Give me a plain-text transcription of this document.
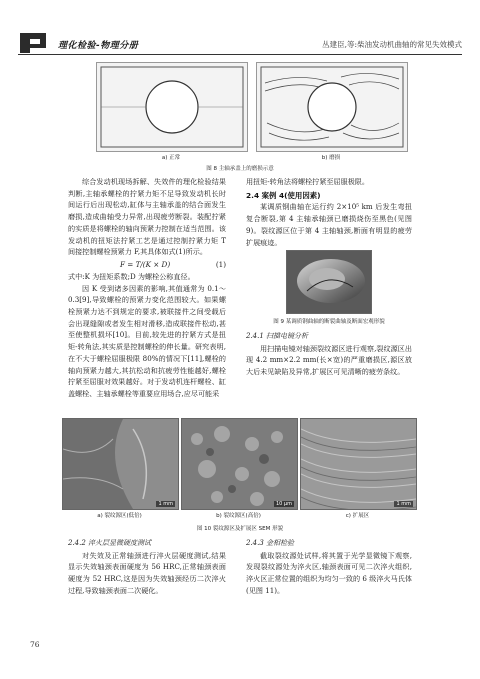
理化检验-物理分册	丛建臣,等:柴油发动机曲轴的常见失效模式
a) 正常	b) 磨损
图 8 主轴承盖上的磨损示意

综合发动机现场拆解、失效件的理化检验结果判断,主轴承螺栓的拧紧力矩不足导致发动机长时间运行后出现松动,缸体与主轴承盖的结合面发生磨损,造成曲轴受力异常,出现疲劳断裂。装配拧紧的实质是将螺栓的轴向预紧力控制在适当范围。该发动机的扭矩法拧紧工艺是通过控制拧紧力矩 T 间接控制螺栓预紧力 F,其具体如式(1)所示。

F = T/(K × D)	(1)

式中:K 为扭矩系数;D 为螺栓公称直径。

因 K 受到诸多因素的影响,其值通常为 0.1～0.3[9],导致螺栓的预紧力变化范围较大。如果螺栓预紧力达不到规定的要求,被联接件之间受载后会出现缝隙或者发生相对滑移,造成联接件松动,甚至使整机损坏[10]。目前,较先进的拧紧方式是扭矩-转角法,其实质是控制螺栓的伸长量。研究表明,在不大于螺栓屈服极限 80%的情况下[11],螺栓的轴向预紧力越大,其抗松动和抗疲劳性能越好,螺栓拧紧至屈服对效果越好。对于发动机连杆螺栓、缸盖螺栓、主轴承螺栓等重要应用场合,应尽可能采

用扭矩-转角法将螺栓拧紧至屈服极限。

2.4 案例 4(使用因素)

某调质钢曲轴在运行约 2×10⁵ km 后发生弯扭复合断裂,第 4 主轴承轴颈已磨损烧伤至黑色(见图 9)。裂纹源区位于第 4 主轴轴颈,断面有明显的疲劳扩展痕迹。

图 9 某调质钢曲轴的断裂曲轴及断面宏观形貌
2.4.1 扫描电镜分析

用扫描电镜对轴颈裂纹源区进行观察,裂纹源区出现 4.2 mm×2.2 mm(长×宽)的严重磨损区,源区放大后未见缺陷及异常,扩展区可见清晰的疲劳条纹。

1 mm	10 μm	1 mm
a) 裂纹源区(低倍)	b) 裂纹源区(高倍)	c) 扩展区
图 10 裂纹源区及扩展区 SEM 形貌
2.4.2 淬火层显微硬度测试

对失效及正常轴颈进行淬火层硬度测试,结果显示失效轴颈表面硬度为 56 HRC,正常轴颈表面硬度为 52 HRC,这是因为失效轴颈经历二次淬火过程,导致轴颈表面二次硬化。

2.4.3 金相检验

截取裂纹源处试样,将其置于光学显微镜下观察,发现裂纹源处为淬火区,轴颈表面可见二次淬火组织,淬火区正常位置的组织为均匀一致的 6 级淬火马氏体(见图 11)。

76
